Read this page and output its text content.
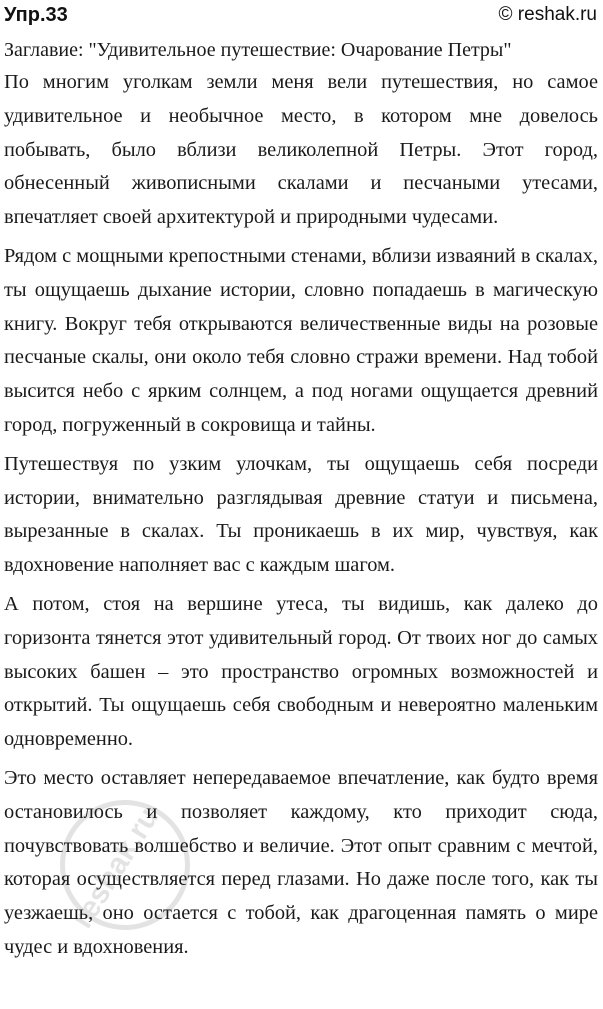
Упр.33	© reshak.ru

Заглавие: "Удивительное путешествие: Очарование Петры"

По многим уголкам земли меня вели путешествия, но самое удивительное и необычное место, в котором мне довелось побывать, было вблизи великолепной Петры. Этот город, обнесенный живописными скалами и песчаными утесами, впечатляет своей архитектурой и природными чудесами.

Рядом с мощными крепостными стенами, вблизи изваяний в скалах, ты ощущаешь дыхание истории, словно попадаешь в магическую книгу. Вокруг тебя открываются величественные виды на розовые песчаные скалы, они около тебя словно стражи времени. Над тобой высится небо с ярким солнцем, а под ногами ощущается древний город, погруженный в сокровища и тайны.

Путешествуя по узким улочкам, ты ощущаешь себя посреди истории, внимательно разглядывая древние статуи и письмена, вырезанные в скалах. Ты проникаешь в их мир, чувствуя, как вдохновение наполняет вас с каждым шагом.

А потом, стоя на вершине утеса, ты видишь, как далеко до горизонта тянется этот удивительный город. От твоих ног до самых высоких башен – это пространство огромных возможностей и открытий. Ты ощущаешь себя свободным и невероятно маленьким одновременно.

Это место оставляет непередаваемое впечатление, как будто время остановилось и позволяет каждому, кто приходит сюда, почувствовать волшебство и величие. Этот опыт сравним с мечтой, которая осуществляется перед глазами. Но даже после того, как ты уезжаешь, оно остается с тобой, как драгоценная память о мире чудес и вдохновения.

reshak.ru
